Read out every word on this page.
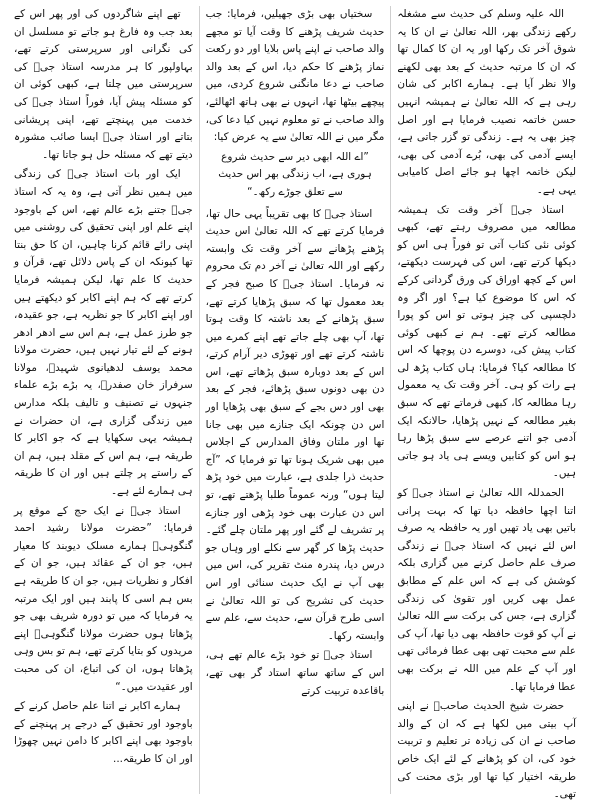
اللہ علیہ وسلم کی حدیث سے مشغلہ رکھے زندگی بھر، اللہ تعالیٰ نے ان کا یہ شوق آخر تک رکھا اور یہ ان کا کمال تھا کہ ان کا مرتبہ حدیث کے بعد بھی لکھنے والا نظر آیا ہے۔ ہمارے اکابر کی شان رہی ہے کہ اللہ تعالیٰ نے ہمیشہ انہیں حسن خاتمہ نصیب فرمایا ہے اور اصل چیز بھی یہ ہے۔ زندگی تو گزر جاتی ہے، ایسے آدمی کی بھی، بُرے آدمی کی بھی، لیکن خاتمہ اچھا ہو جائے اصل کامیابی یہی ہے۔

استاذ جیؒ آخر وقت تک ہمیشہ مطالعہ میں مصروف رہتے تھے، کبھی کوئی نئی کتاب آتی تو فوراً ہی اس کو دیکھا کرتے تھے، اس کی فہرست دیکھتے، اس کے کچھ اوراق کی ورق گردانی کرکے کہ اس کا موضوع کیا ہے؟ اور اگر وہ دلچسپی کی چیز ہوتی تو اس کو پورا مطالعہ کرتے تھے۔ ہم نے کبھی کوئی کتاب پیش کی، دوسرے دن پوچھا کہ اس کا مطالعہ کیا؟ فرمایا: ہاں کتاب پڑھ لی ہے رات کو ہی۔ آخر وقت تک یہ معمول رہا مطالعہ کا، کبھی فرماتے تھے کہ سبق بغیر مطالعہ کے نہیں پڑھایا، حالانکہ ایک آدمی جو اتنے عرصے سے سبق پڑھا رہا ہو اس کو کتابیں ویسے ہی یاد ہو جاتی ہیں۔

الحمدللہ اللہ تعالیٰ نے استاذ جیؒ کو اتنا اچھا حافظہ دیا تھا کہ بہت پرانی باتیں بھی یاد تھیں اور یہ حافظہ یہ صرف اس لئے نہیں کہ استاذ جیؒ نے زندگی صرف علم حاصل کرنے میں گزاری بلکہ کوشش کی ہے کہ اس علم کے مطابق عمل بھی کریں اور تقویٰ کی زندگی گزاری ہے، جس کی برکت سے اللہ تعالیٰ نے آپ کو قوت حافظہ بھی دیا تھا، آپ کی علم سے محبت تھی بھی عطا فرمائی تھی اور آپ کے علم میں اللہ نے برکت بھی عطا فرمایا تھا۔

حضرت شیخ الحدیث صاحبؒ نے اپنی آپ بیتی میں لکھا ہے کہ ان کے والد صاحب نے ان کی زیادہ تر تعلیم و تربیت خود کی، ان کو پڑھانے کے لئے ایک خاص طریقہ اختیار کیا تھا اور بڑی محنت کی تھی۔

سختیاں بھی بڑی جھیلیں، فرمایا: جب حدیث شریف پڑھنے کا وقت آیا تو مجھے والد صاحب نے اپنے پاس بلایا اور دو رکعت نماز پڑھنے کا حکم دیا، اس کے بعد والد صاحب نے دعا مانگنی شروع کردی، میں پیچھے بیٹھا تھا، انہوں نے بھی ہاتھ اٹھالئے، والد صاحب نے تو معلوم نہیں کیا دعا کی، مگر میں نے اللہ تعالیٰ سے یہ عرض کیا:

”اے اللہ ابھی دیر سے حدیث شروع ہوری ہے، اب زندگی بھر اس حدیث سے تعلق جوڑے رکھ۔“

استاذ جیؒ کا بھی تقریباً یہی حال تھا، فرمایا کرتے تھے کہ اللہ تعالیٰ اس حدیث پڑھنے پڑھانے سے آخر وقت تک وابستہ رکھے اور اللہ تعالیٰ نے آخر دم تک محروم نہ فرمایا۔ استاذ جیؒ کا صبح فجر کے بعد معمول تھا کہ سبق پڑھایا کرتے تھے، سبق پڑھانے کے بعد ناشتہ کا وقت ہوتا تھا، آپ بھی چلے جاتے تھے اپنے کمرے میں ناشتہ کرتے تھے اور تھوڑی دیر آرام کرتے، اس کے بعد دوبارہ سبق پڑھاتے تھے، اس دن بھی دونوں سبق پڑھائے، فجر کے بعد بھی اور دس بجے کے سبق بھی پڑھایا اور اس دن چونکہ ایک جنازے میں بھی جانا تھا اور ملتان وفاق المدارس کے اجلاس میں بھی شریک ہونا تھا تو فرمایا کہ ”آج حدیث ذرا جلدی ہے، عبارت میں خود پڑھ لیتا ہوں“ ورنہ عموماً طلبا پڑھتے تھے، تو اس دن عبارت بھی خود پڑھی اور جنازے پر تشریف لے گئے اور پھر ملتان چلے گئے۔ حدیث پڑھا کر گھر سے نکلے اور وہاں جو درس دیا، پندرہ منٹ تقریر کی، اس میں بھی آپ نے ایک حدیث سنائی اور اس حدیث کی تشریح کی تو اللہ تعالیٰ نے اسی طرح قرآن سے، حدیث سے، علم سے وابستہ رکھا۔

استاذ جیؒ تو خود بڑے عالم تھے ہی، اس کے ساتھ ساتھ استاد گر بھی تھے، باقاعدہ تربیت کرتے

تھے اپنے شاگردوں کی اور پھر اس کے بعد جب وہ فارغ ہو جاتے تو مسلسل ان کی نگرانی اور سرپرستی کرتے تھے، بہاولپور کا ہر مدرسہ استاذ جیؒ کی سرپرستی میں چلتا ہے، کبھی کوئی ان کو مسئلہ پیش آیا، فوراً استاذ جیؒ کی خدمت میں پہنچتے تھے، اپنی پریشانی بتاتے اور استاذ جیؒ ایسا صائب مشورہ دیتے تھے کہ مسئلہ حل ہو جاتا تھا۔

ایک اور بات استاذ جیؒ کی زندگی میں ہمیں نظر آتی ہے، وہ یہ کہ استاذ جیؒ جتنے بڑے عالم تھے، اس کے باوجود اپنے علم اور اپنی تحقیق کی روشنی میں اپنی رائے قائم کرنا چاہیں، ان کا حق بنتا تھا کیونکہ ان کے پاس دلائل تھے، قرآن و حدیث کا علم تھا، لیکن ہمیشہ فرمایا کرتے تھے کہ ہم اپنے اکابر کو دیکھتے ہیں اور اپنے اکابر کا جو نظریہ ہے، جو عقیدہ، جو طرز عمل ہے، ہم اس سے ادھر ادھر ہونے کے لئے تیار نہیں ہیں، حضرت مولانا محمد یوسف لدھیانوی شہیدؒ، مولانا سرفراز خان صفدرؒ، یہ بڑے بڑے علماء جنہوں نے تصنیف و تالیف بلکہ مدارس میں زندگی گزاری ہے، ان حضرات نے ہمیشہ یہی سکھایا ہے کہ جو اکابر کا طریقہ ہے، ہم اس کے مقلد ہیں، ہم ان کے راستے پر چلتے ہیں اور ان کا طریقہ ہی ہمارے لئے ہے۔

استاذ جیؒ نے ایک حج کے موقع پر فرمایا: ”حضرت مولانا رشید احمد گنگوہیؒ ہمارے مسلک دیوبند کا معیار ہیں، جو ان کے عقائد ہیں، جو ان کے افکار و نظریات ہیں، جو ان کا طریقہ ہے بس ہم اسی کا پابند ہیں اور ایک مرتبہ یہ فرمایا کہ میں تو دورہ شریف بھی جو پڑھاتا ہوں حضرت مولانا گنگوہیؒ اپنے مریدوں کو بتایا کرتے تھے، ہم تو بس وہی پڑھاتا ہوں، ان کی اتباع، ان کی محبت اور عقیدت میں۔“

ہمارے اکابر نے اتنا علم حاصل کرنے کے باوجود اور تحقیق کے درجے پر پہنچنے کے باوجود بھی اپنے اکابر کا دامن نہیں چھوڑا اور ان کا طریقہ...
